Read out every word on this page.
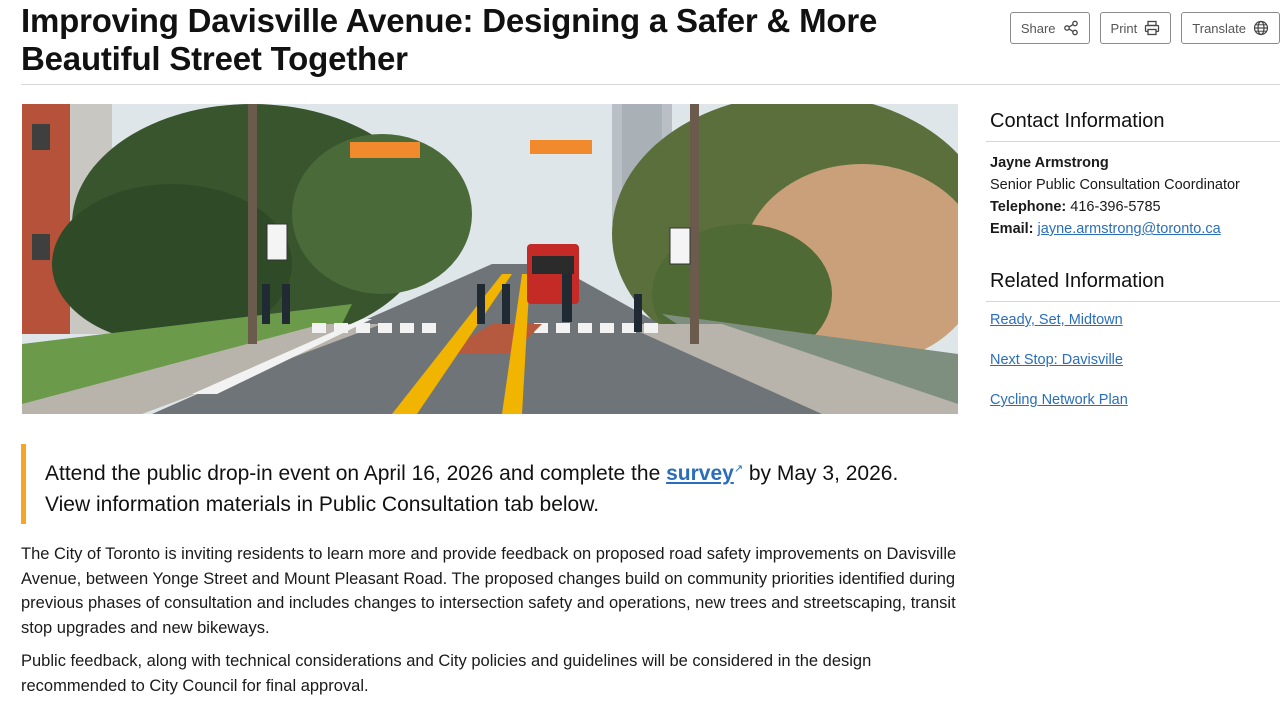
Improving Davisville Avenue: Designing a Safer & More Beautiful Street Together
Share	Print	Translate
Attend the public drop-in event on April 16, 2026 and complete the survey↗ by May 3, 2026.
View information materials in Public Consultation tab below.

The City of Toronto is inviting residents to learn more and provide feedback on proposed road safety improvements on Davisville Avenue, between Yonge Street and Mount Pleasant Road. The proposed changes build on community priorities identified during previous phases of consultation and includes changes to intersection safety and operations, new trees and streetscaping, transit stop upgrades and new bikeways.

Public feedback, along with technical considerations and City policies and guidelines will be considered in the design recommended to City Council for final approval.

Contact Information
Jayne Armstrong
Senior Public Consultation Coordinator
Telephone: 416-396-5785
Email: jayne.armstrong@toronto.ca
Related Information
Ready, Set, Midtown
Next Stop: Davisville
Cycling Network Plan
